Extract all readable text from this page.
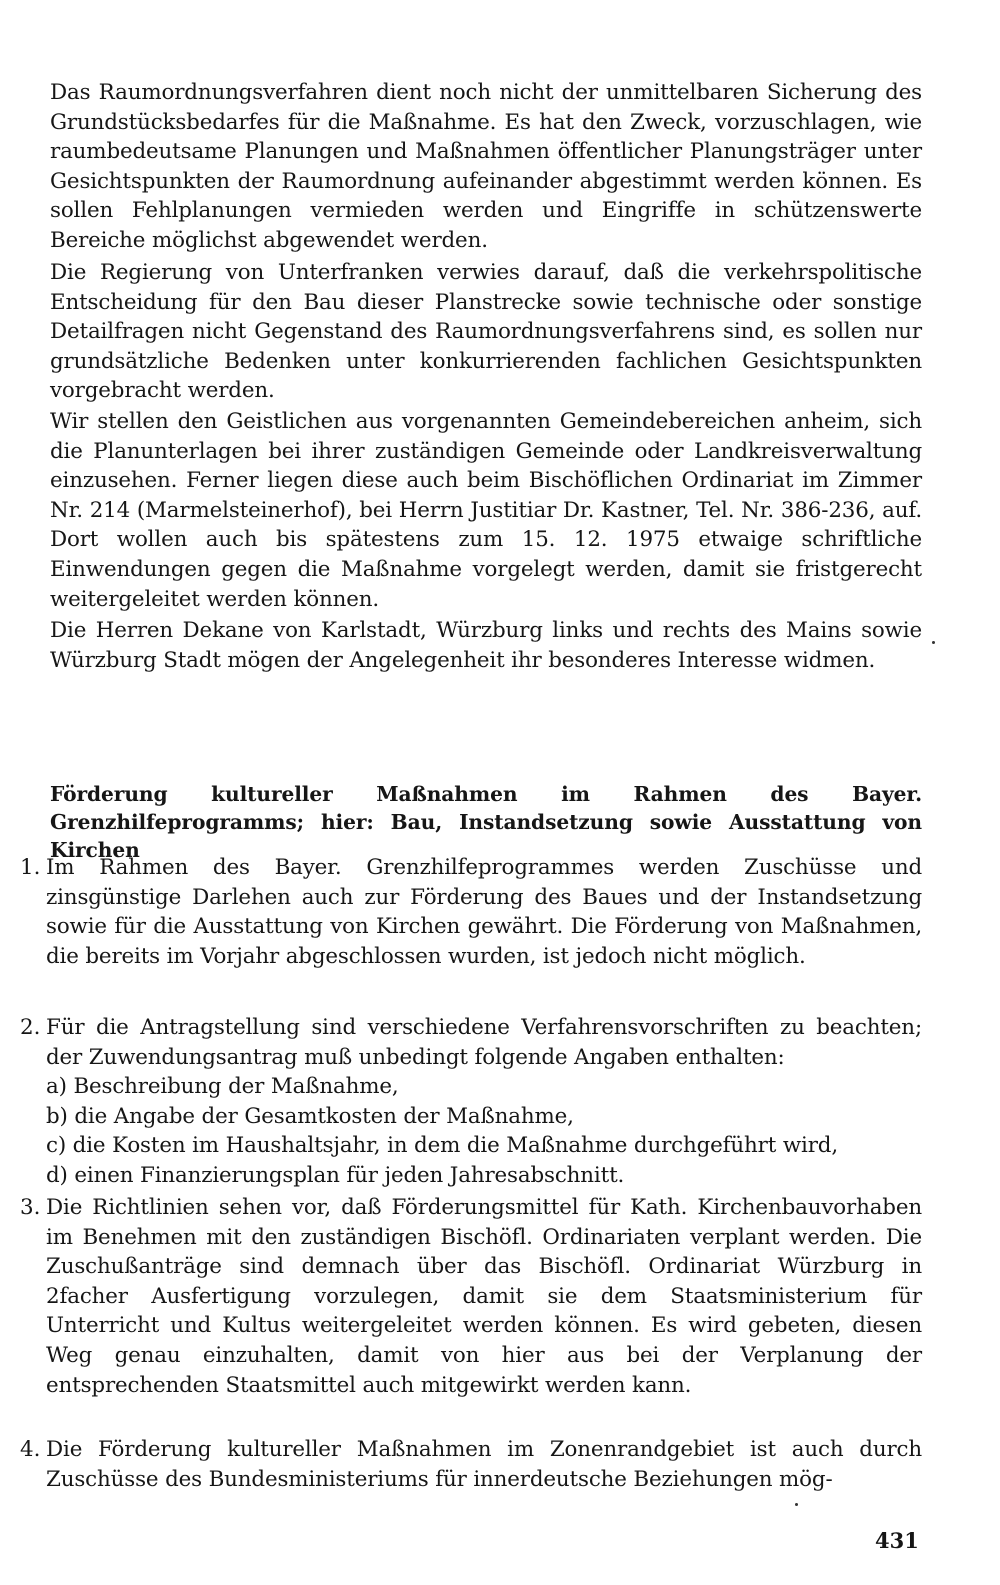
Das Raumordnungsverfahren dient noch nicht der unmittelbaren Sicherung des Grundstücksbedarfes für die Maßnahme. Es hat den Zweck, vorzuschlagen, wie raumbedeutsame Planungen und Maßnahmen öffentlicher Planungsträger unter Gesichtspunkten der Raumordnung aufeinander abgestimmt werden können. Es sollen Fehlplanungen vermieden werden und Eingriffe in schützenswerte Bereiche möglichst abgewendet werden.

Die Regierung von Unterfranken verwies darauf, daß die verkehrspolitische Entscheidung für den Bau dieser Planstrecke sowie technische oder sonstige Detailfragen nicht Gegenstand des Raumordnungsverfahrens sind, es sollen nur grundsätzliche Bedenken unter konkurrierenden fachlichen Gesichtspunkten vorgebracht werden.

Wir stellen den Geistlichen aus vorgenannten Gemeindebereichen anheim, sich die Planunterlagen bei ihrer zuständigen Gemeinde oder Landkreisverwaltung einzusehen. Ferner liegen diese auch beim Bischöflichen Ordinariat im Zimmer Nr. 214 (Marmelsteinerhof), bei Herrn Justitiar Dr. Kastner, Tel. Nr. 386-236, auf. Dort wollen auch bis spätestens zum 15. 12. 1975 etwaige schriftliche Einwendungen gegen die Maßnahme vorgelegt werden, damit sie fristgerecht weitergeleitet werden können.

Die Herren Dekane von Karlstadt, Würzburg links und rechts des Mains sowie Würzburg Stadt mögen der Angelegenheit ihr besonderes Interesse widmen.

Förderung kultureller Maßnahmen im Rahmen des Bayer. Grenzhilfeprogramms; hier: Bau, Instandsetzung sowie Ausstattung von Kirchen

1. Im Rahmen des Bayer. Grenzhilfeprogrammes werden Zuschüsse und zinsgünstige Darlehen auch zur Förderung des Baues und der Instandsetzung sowie für die Ausstattung von Kirchen gewährt. Die Förderung von Maßnahmen, die bereits im Vorjahr abgeschlossen wurden, ist jedoch nicht möglich.
2. Für die Antragstellung sind verschiedene Verfahrensvorschriften zu beachten; der Zuwendungsantrag muß unbedingt folgende Angaben enthalten:
a) Beschreibung der Maßnahme,
b) die Angabe der Gesamtkosten der Maßnahme,
c) die Kosten im Haushaltsjahr, in dem die Maßnahme durchgeführt wird,
d) einen Finanzierungsplan für jeden Jahresabschnitt.
3. Die Richtlinien sehen vor, daß Förderungsmittel für Kath. Kirchenbauvorhaben im Benehmen mit den zuständigen Bischöfl. Ordinariaten verplant werden. Die Zuschußanträge sind demnach über das Bischöfl. Ordinariat Würzburg in 2facher Ausfertigung vorzulegen, damit sie dem Staatsministerium für Unterricht und Kultus weitergeleitet werden können. Es wird gebeten, diesen Weg genau einzuhalten, damit von hier aus bei der Verplanung der entsprechenden Staatsmittel auch mitgewirkt werden kann.
4. Die Förderung kultureller Maßnahmen im Zonenrandgebiet ist auch durch Zuschüsse des Bundesministeriums für innerdeutsche Beziehungen mög-
431
